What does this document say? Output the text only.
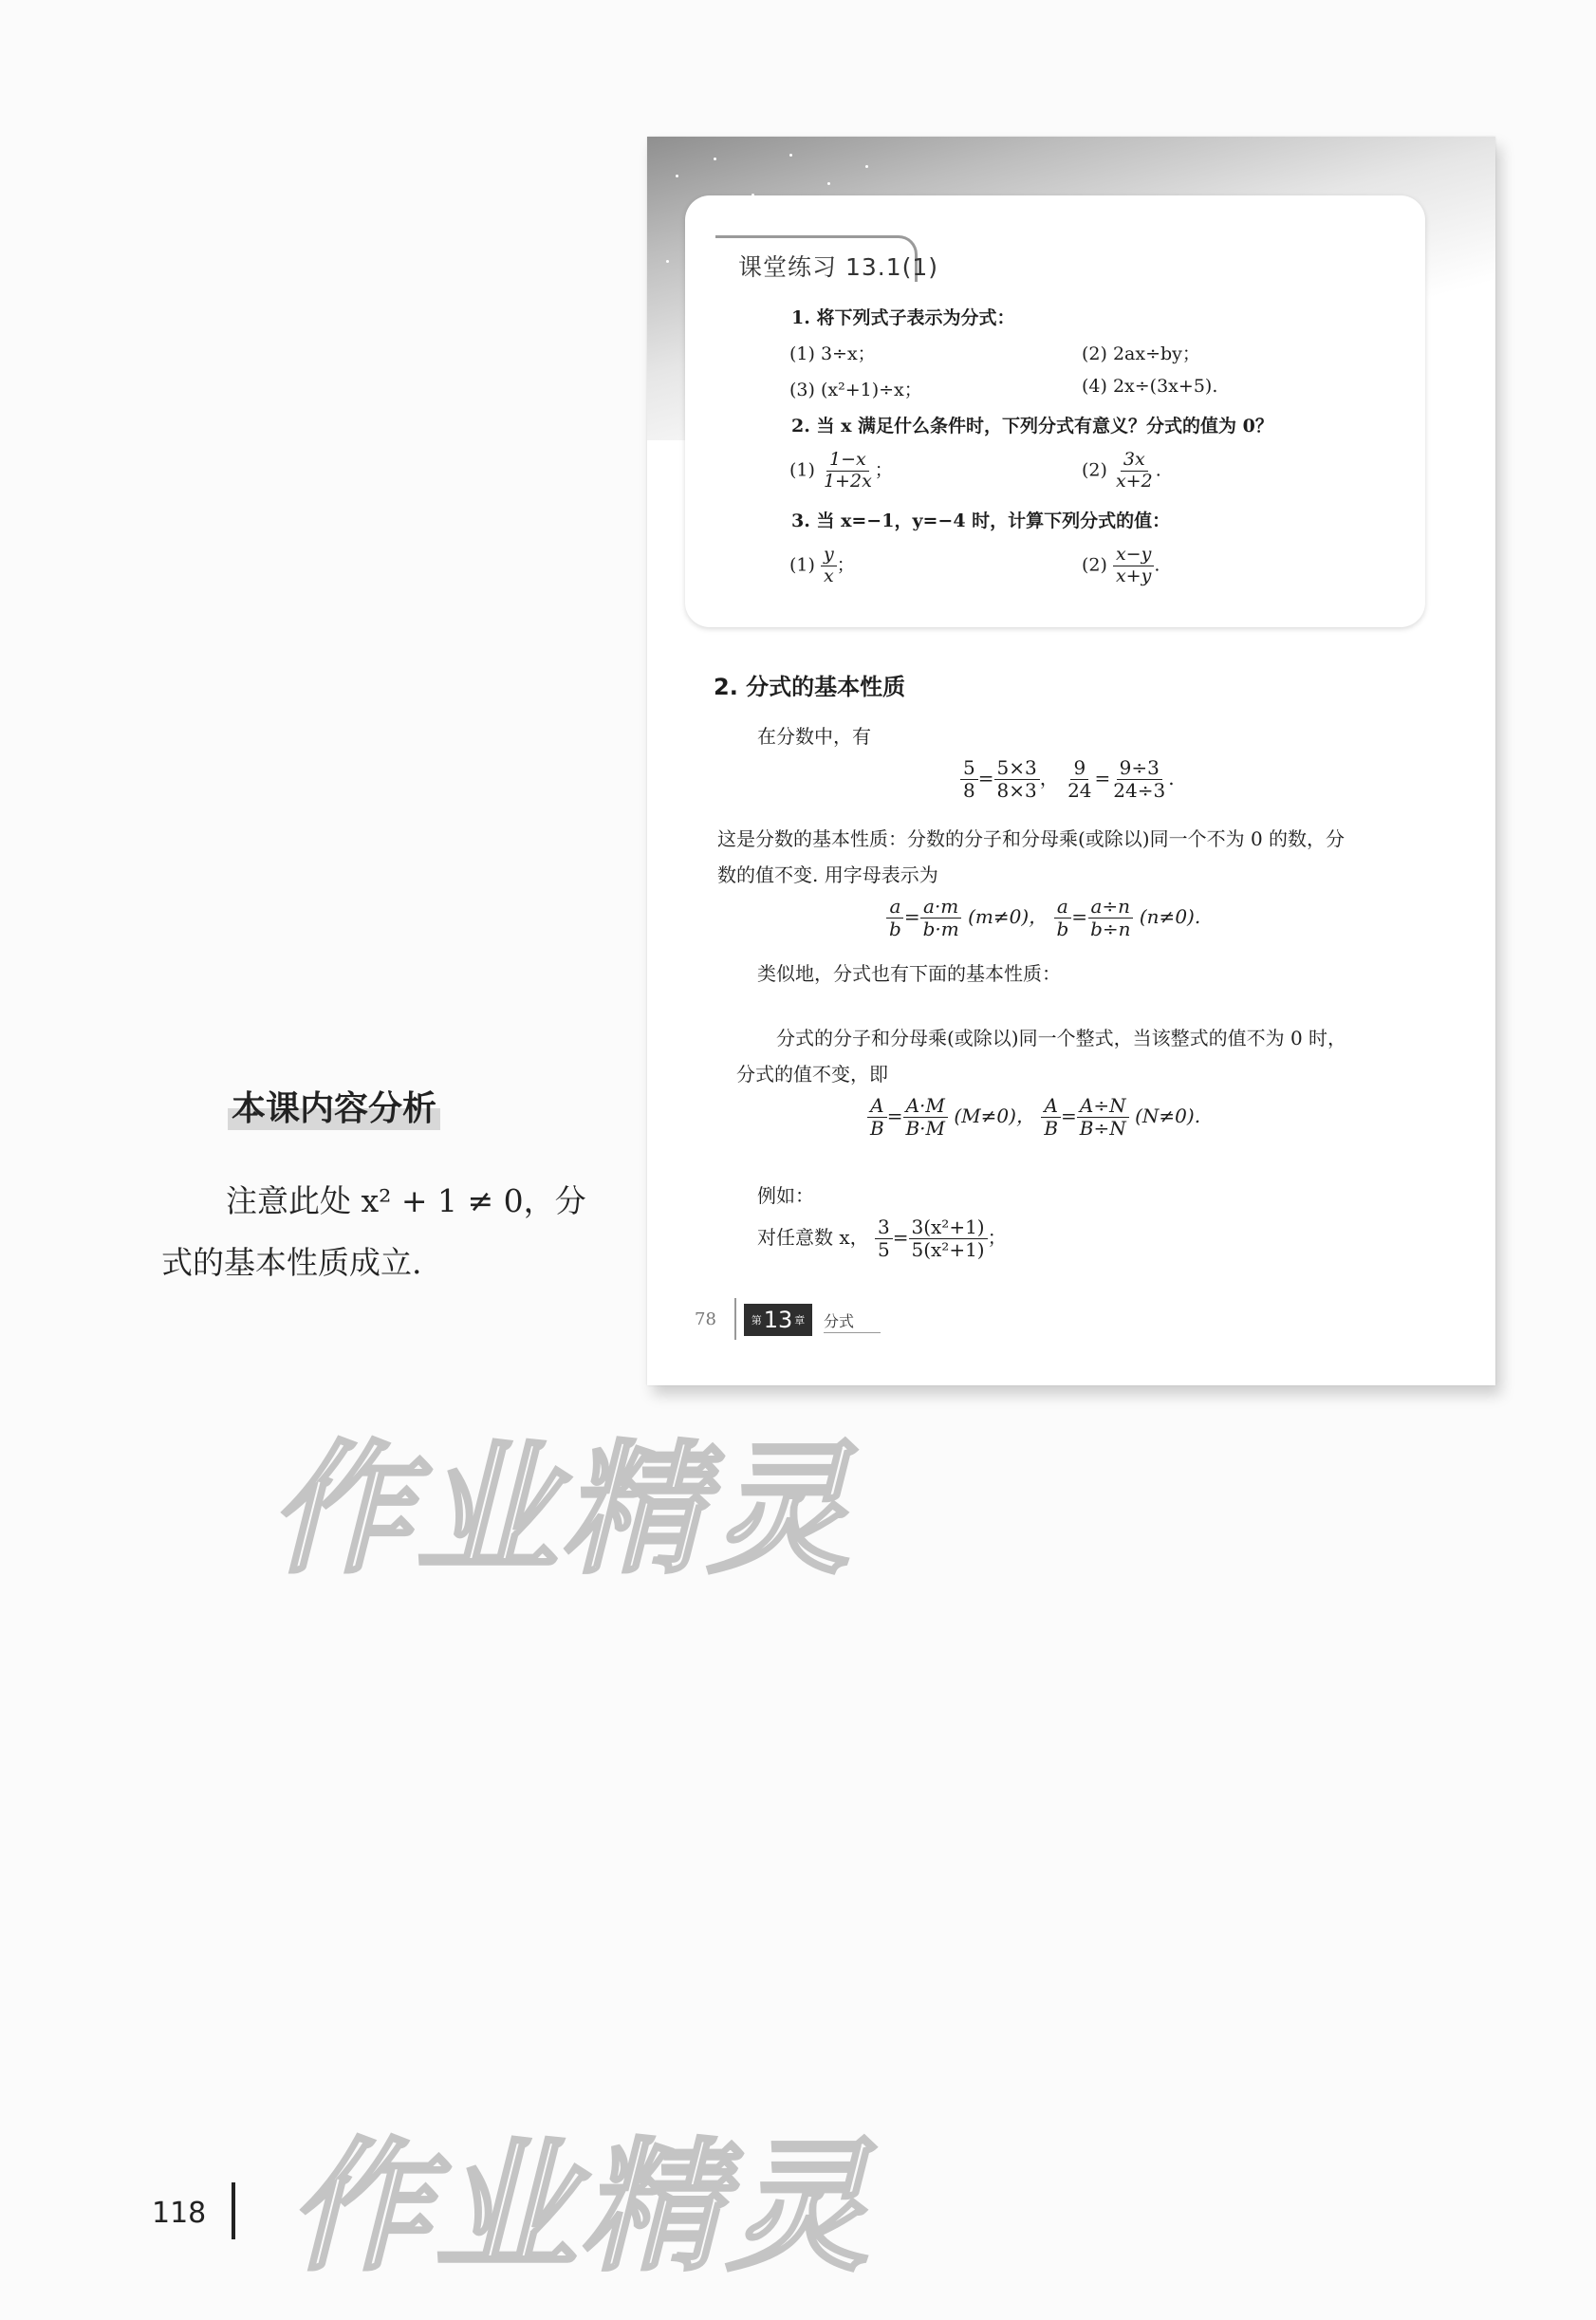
课堂练习 13.1(1)
1. 将下列式子表示为分式：
(1) 3÷x；	(2) 2ax÷by；
(3) (x²+1)÷x；	(4) 2x÷(3x+5).
2. 当 x 满足什么条件时，下列分式有意义？分式的值为 0？
$(1) \frac{1-x}{1+2x}$ ；	$(2) \frac{3x}{x+2}$ .
3. 当 x=−1，y=−4 时，计算下列分式的值：
$(1) \frac{y}{x}$ ；	$(2) \frac{x-y}{x+y}$ .
2. 分式的基本性质
在分数中，有
$\frac{5}{8} = \frac{5\times 3}{8\times 3}$ ， $\frac{9}{24} = \frac{9\div 3}{24\div 3}$ .
这是分数的基本性质：分数的分子和分母乘(或除以)同一个不为 0 的数，分
数的值不变. 用字母表示为
$\frac{a}{b} = \frac{a\cdot m}{b\cdot m} (m\ne 0)$， $\frac{a}{b} = \frac{a\div n}{b\div n} (n\ne 0)$.
类似地，分式也有下面的基本性质：
分式的分子和分母乘(或除以)同一个整式，当该整式的值不为 0 时，
分式的值不变，即
$\frac{A}{B} = \frac{A\cdot M}{B\cdot M} (M\ne 0)$， $\frac{A}{B} = \frac{A\div N}{B\div N} (N\ne 0)$.
例如：
对任意数 x， $\frac{3}{5} = \frac{\text{3(x²+1)}}{\text{5(x²+1)}}$ ；
78	第 13 章 分式
本课内容分析
注意此处 x² + 1 ≠ 0，分
式的基本性质成立.
作业精灵
作业精灵
118
